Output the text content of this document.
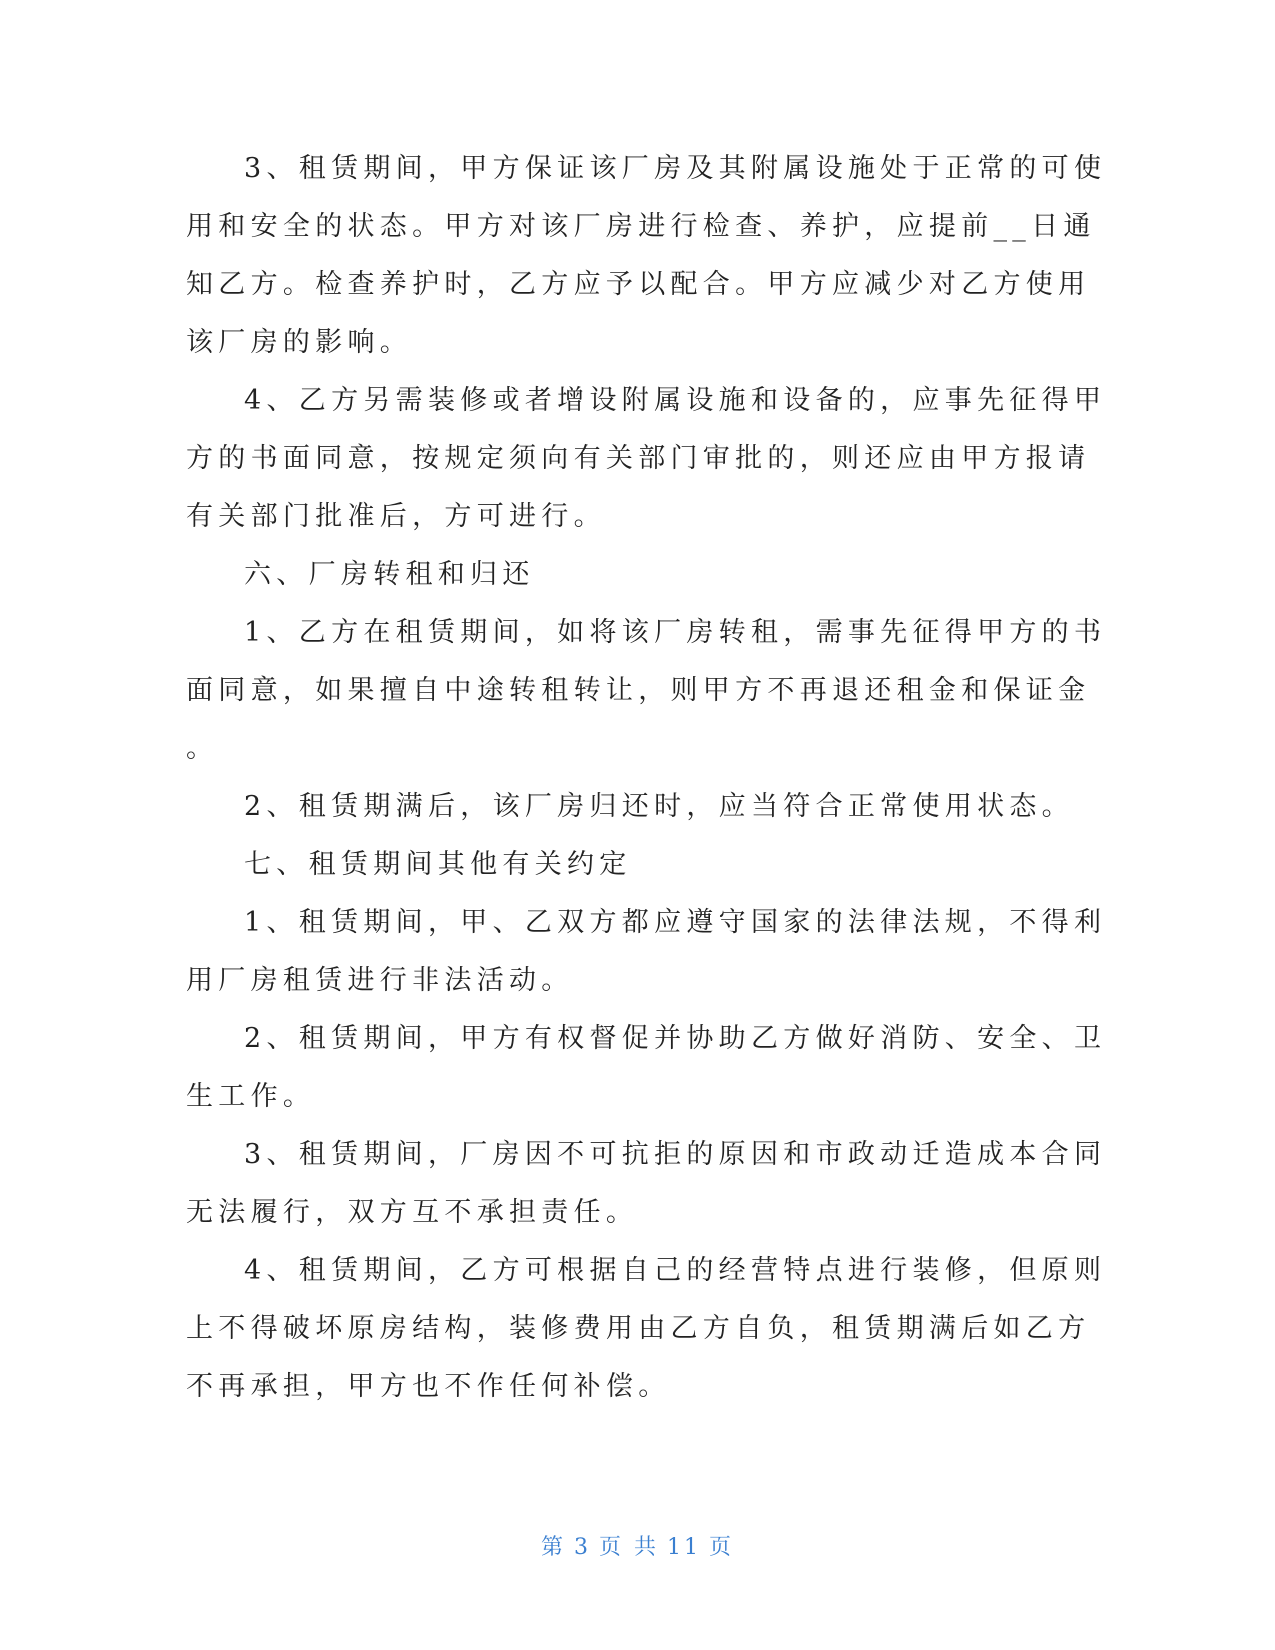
3、租赁期间，甲方保证该厂房及其附属设施处于正常的可使
用和安全的状态。甲方对该厂房进行检查、养护，应提前__日通
知乙方。检查养护时，乙方应予以配合。甲方应减少对乙方使用
该厂房的影响。
4、乙方另需装修或者增设附属设施和设备的，应事先征得甲
方的书面同意，按规定须向有关部门审批的，则还应由甲方报请
有关部门批准后，方可进行。
六、厂房转租和归还
1、乙方在租赁期间，如将该厂房转租，需事先征得甲方的书
面同意，如果擅自中途转租转让，则甲方不再退还租金和保证金
。
2、租赁期满后，该厂房归还时，应当符合正常使用状态。
七、租赁期间其他有关约定
1、租赁期间，甲、乙双方都应遵守国家的法律法规，不得利
用厂房租赁进行非法活动。
2、租赁期间，甲方有权督促并协助乙方做好消防、安全、卫
生工作。
3、租赁期间，厂房因不可抗拒的原因和市政动迁造成本合同
无法履行，双方互不承担责任。
4、租赁期间，乙方可根据自己的经营特点进行装修，但原则
上不得破坏原房结构，装修费用由乙方自负，租赁期满后如乙方
不再承担，甲方也不作任何补偿。
第 3 页 共 11 页
